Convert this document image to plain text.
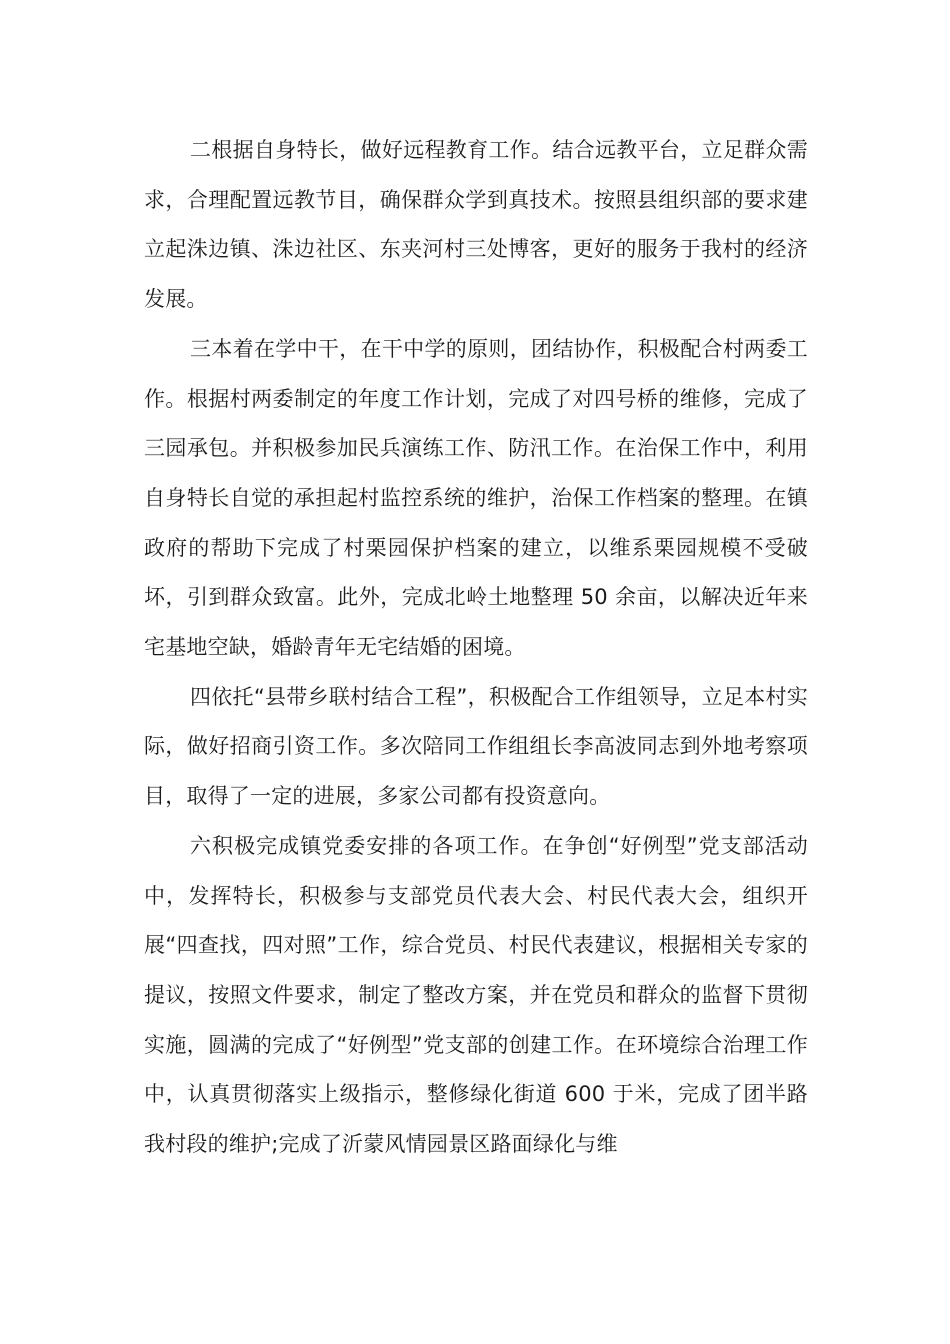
二根据自身特长，做好远程教育工作。结合远教平台，立足群众需求，合理配置远教节目，确保群众学到真技术。按照县组织部的要求建立起洙边镇、洙边社区、东夹河村三处博客，更好的服务于我村的经济发展。

三本着在学中干，在干中学的原则，团结协作，积极配合村两委工作。根据村两委制定的年度工作计划，完成了对四号桥的维修，完成了三园承包。并积极参加民兵演练工作、防汛工作。在治保工作中，利用自身特长自觉的承担起村监控系统的维护，治保工作档案的整理。在镇政府的帮助下完成了村栗园保护档案的建立，以维系栗园规模不受破坏，引到群众致富。此外，完成北岭土地整理 50 余亩，以解决近年来宅基地空缺，婚龄青年无宅结婚的困境。

四依托“县带乡联村结合工程”，积极配合工作组领导，立足本村实际，做好招商引资工作。多次陪同工作组组长李高波同志到外地考察项目，取得了一定的进展，多家公司都有投资意向。

六积极完成镇党委安排的各项工作。在争创“好例型”党支部活动中，发挥特长，积极参与支部党员代表大会、村民代表大会，组织开展“四查找，四对照”工作，综合党员、村民代表建议，根据相关专家的提议，按照文件要求，制定了整改方案，并在党员和群众的监督下贯彻实施，圆满的完成了“好例型”党支部的创建工作。在环境综合治理工作中，认真贯彻落实上级指示，整修绿化街道 600 于米，完成了团半路我村段的维护;完成了沂蒙风情园景区路面绿化与维
